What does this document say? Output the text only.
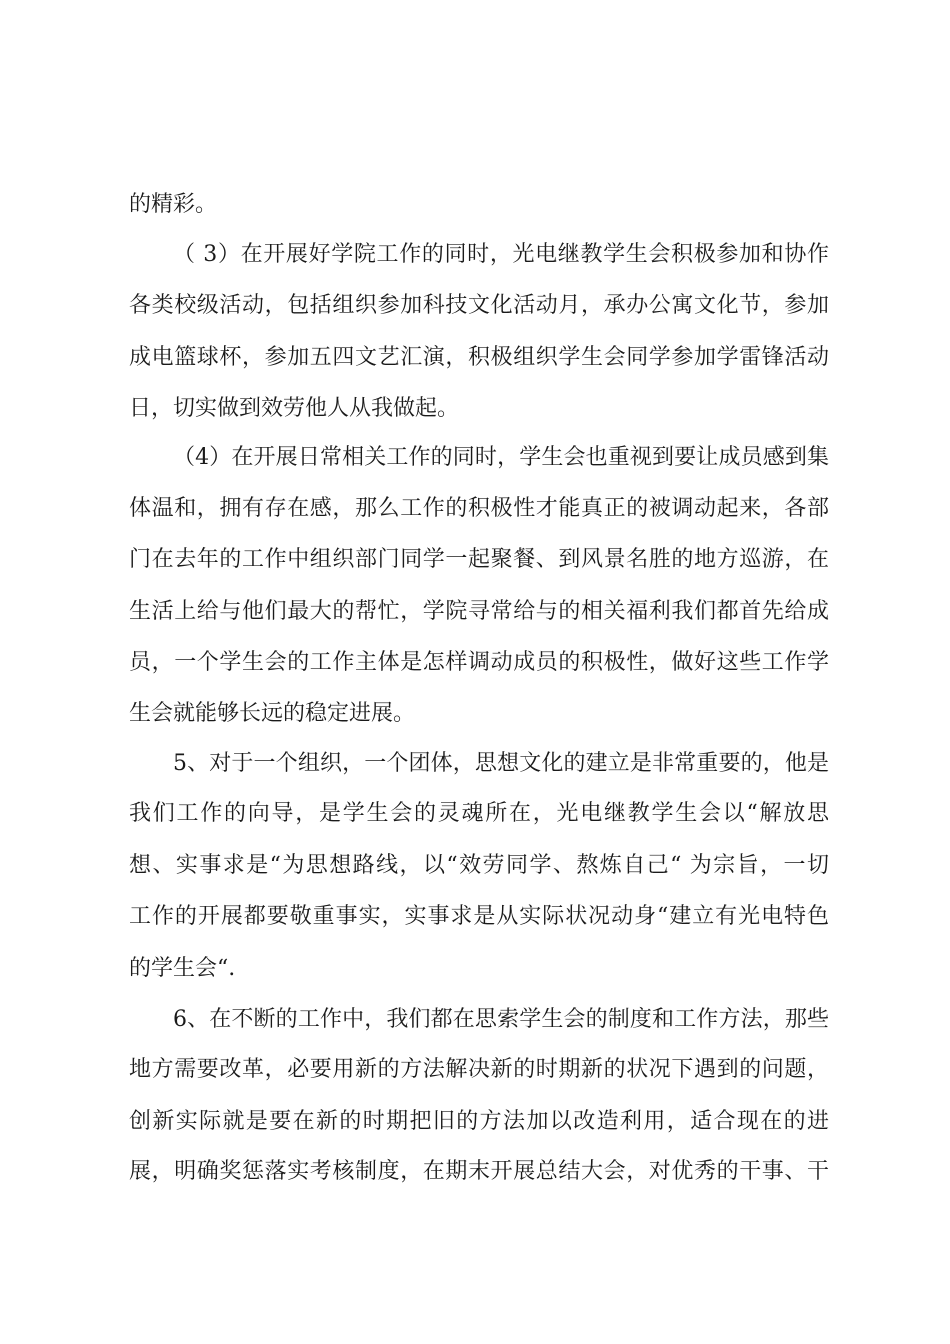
的精彩。
（ 3）在开展好学院工作的同时，光电继教学生会积极参加和协作
各类校级活动，包括组织参加科技文化活动月，承办公寓文化节，参加
成电篮球杯，参加五四文艺汇演，积极组织学生会同学参加学雷锋活动
日，切实做到效劳他人从我做起。
（4）在开展日常相关工作的同时，学生会也重视到要让成员感到集
体温和，拥有存在感，那么工作的积极性才能真正的被调动起来，各部
门在去年的工作中组织部门同学一起聚餐、到风景名胜的地方巡游，在
生活上给与他们最大的帮忙，学院寻常给与的相关福利我们都首先给成
员，一个学生会的工作主体是怎样调动成员的积极性，做好这些工作学
生会就能够长远的稳定进展。
5、对于一个组织，一个团体，思想文化的建立是非常重要的，他是
我们工作的向导，是学生会的灵魂所在，光电继教学生会以“解放思
想、实事求是“为思想路线，以“效劳同学、熬炼自己“ 为宗旨，一切
工作的开展都要敬重事实，实事求是从实际状况动身“建立有光电特色
的学生会“.
6、在不断的工作中，我们都在思索学生会的制度和工作方法，那些
地方需要改革，必要用新的方法解决新的时期新的状况下遇到的问题，
创新实际就是要在新的时期把旧的方法加以改造利用，适合现在的进
展，明确奖惩落实考核制度，在期末开展总结大会，对优秀的干事、干
